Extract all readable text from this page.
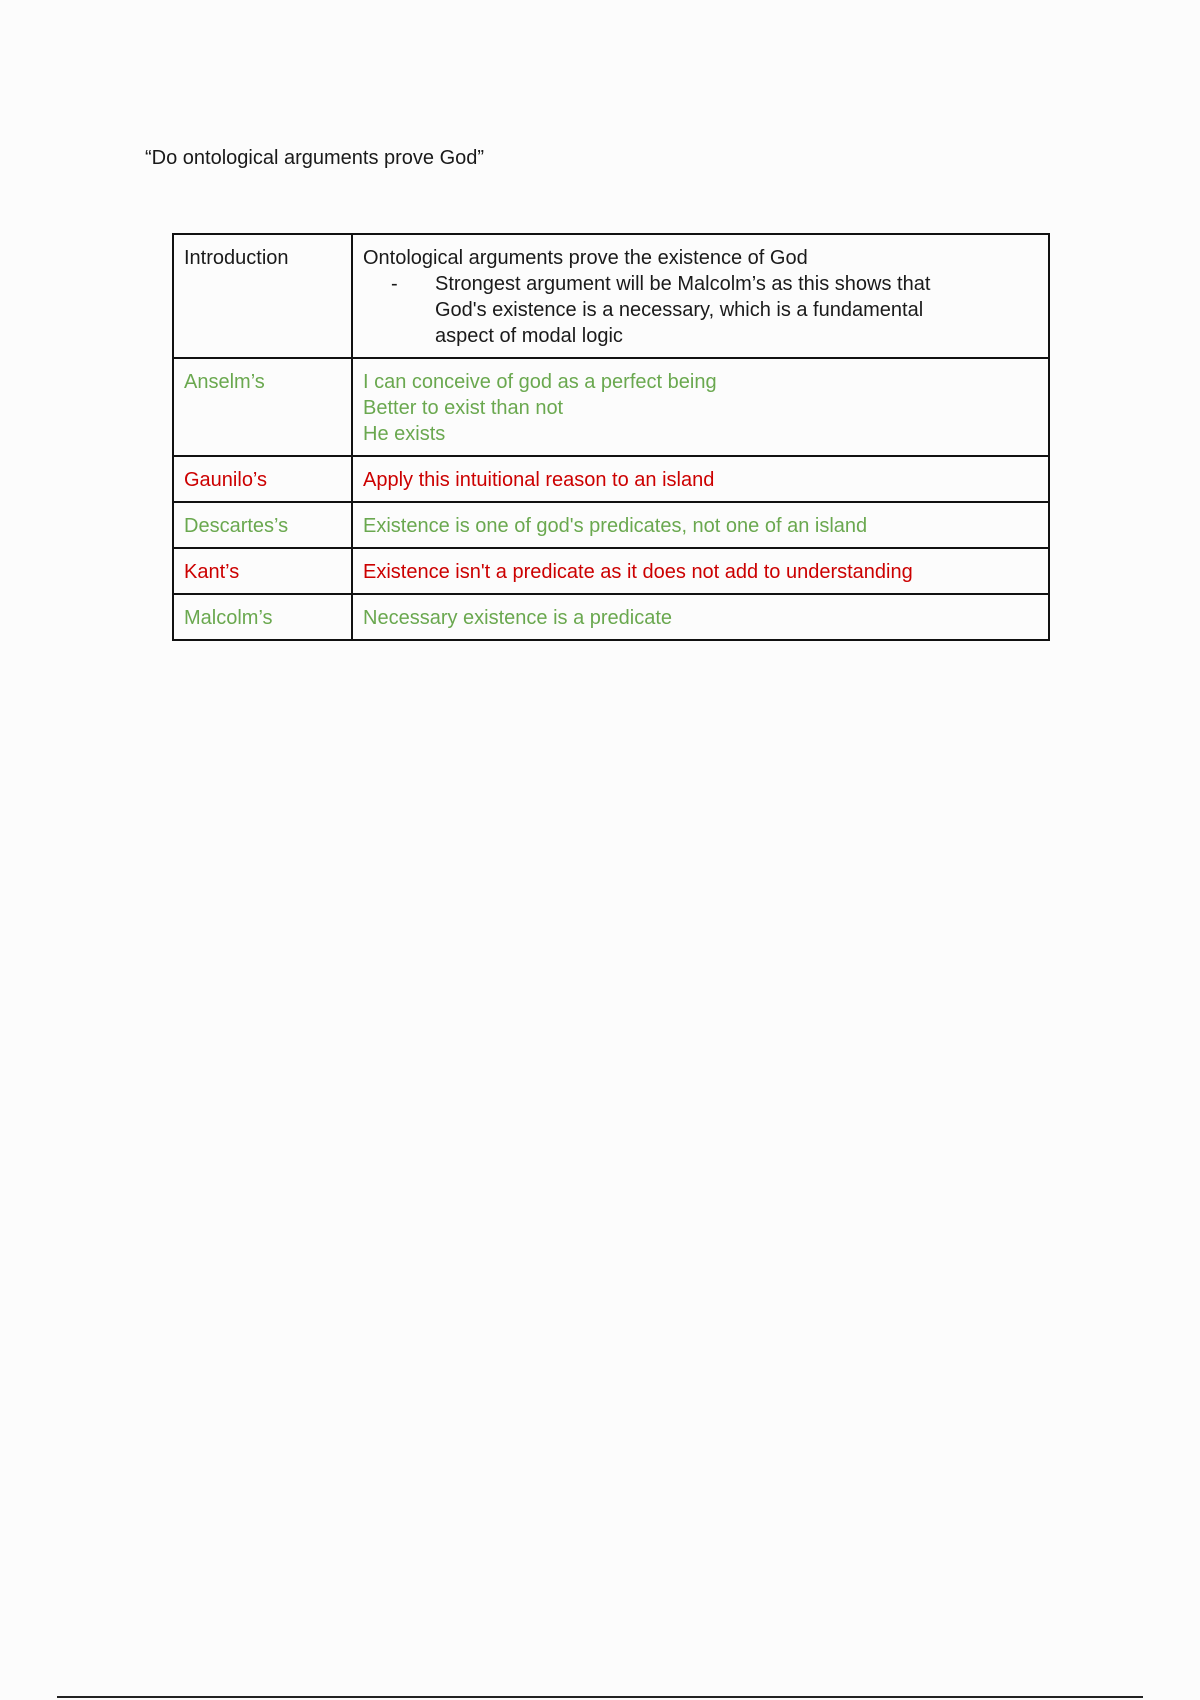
“Do ontological arguments prove God”
Introduction	Ontological arguments prove the existence of God
- Strongest argument will be Malcolm’s as this shows that
God's existence is a necessary, which is a fundamental
aspect of modal logic

Anselm’s	I can conceive of god as a perfect being
Better to exist than not
He exists

Gaunilo’s	Apply this intuitional reason to an island

Descartes’s	Existence is one of god's predicates, not one of an island

Kant’s	Existence isn't a predicate as it does not add to understanding

Malcolm’s	Necessary existence is a predicate
